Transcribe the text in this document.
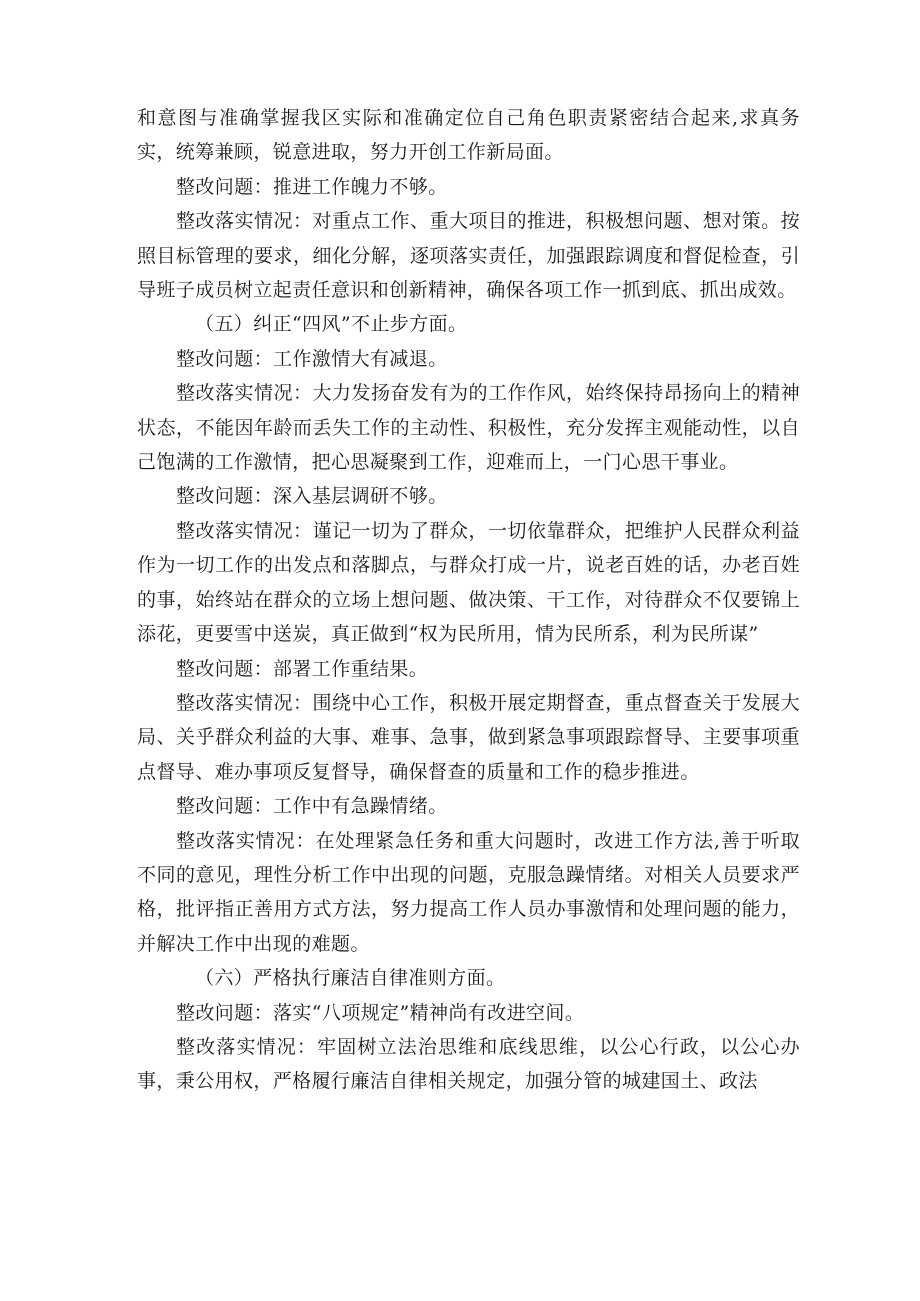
和意图与准确掌握我区实际和准确定位自己角色职责紧密结合起来,求真务实，统筹兼顾，锐意进取，努力开创工作新局面。

整改问题：推进工作魄力不够。

整改落实情况：对重点工作、重大项目的推进，积极想问题、想对策。按照目标管理的要求，细化分解，逐项落实责任，加强跟踪调度和督促检查，引导班子成员树立起责任意识和创新精神，确保各项工作一抓到底、抓出成效。

（五）纠正“四风”不止步方面。

整改问题：工作激情大有减退。

整改落实情况：大力发扬奋发有为的工作作风，始终保持昂扬向上的精神状态，不能因年龄而丢失工作的主动性、积极性，充分发挥主观能动性，以自己饱满的工作激情，把心思凝聚到工作，迎难而上，一门心思干事业。

整改问题：深入基层调研不够。

整改落实情况：谨记一切为了群众，一切依靠群众，把维护人民群众利益作为一切工作的出发点和落脚点，与群众打成一片，说老百姓的话，办老百姓的事，始终站在群众的立场上想问题、做决策、干工作，对待群众不仅要锦上添花，更要雪中送炭，真正做到“权为民所用，情为民所系，利为民所谋”

整改问题：部署工作重结果。

整改落实情况：围绕中心工作，积极开展定期督查，重点督查关于发展大局、关乎群众利益的大事、难事、急事，做到紧急事项跟踪督导、主要事项重点督导、难办事项反复督导，确保督查的质量和工作的稳步推进。

整改问题：工作中有急躁情绪。

整改落实情况：在处理紧急任务和重大问题时，改进工作方法,善于听取不同的意见，理性分析工作中出现的问题，克服急躁情绪。对相关人员要求严格，批评指正善用方式方法，努力提高工作人员办事激情和处理问题的能力，并解决工作中出现的难题。

（六）严格执行廉洁自律准则方面。

整改问题：落实“八项规定”精神尚有改进空间。

整改落实情况：牢固树立法治思维和底线思维，以公心行政，以公心办事，秉公用权，严格履行廉洁自律相关规定，加强分管的城建国土、政法
